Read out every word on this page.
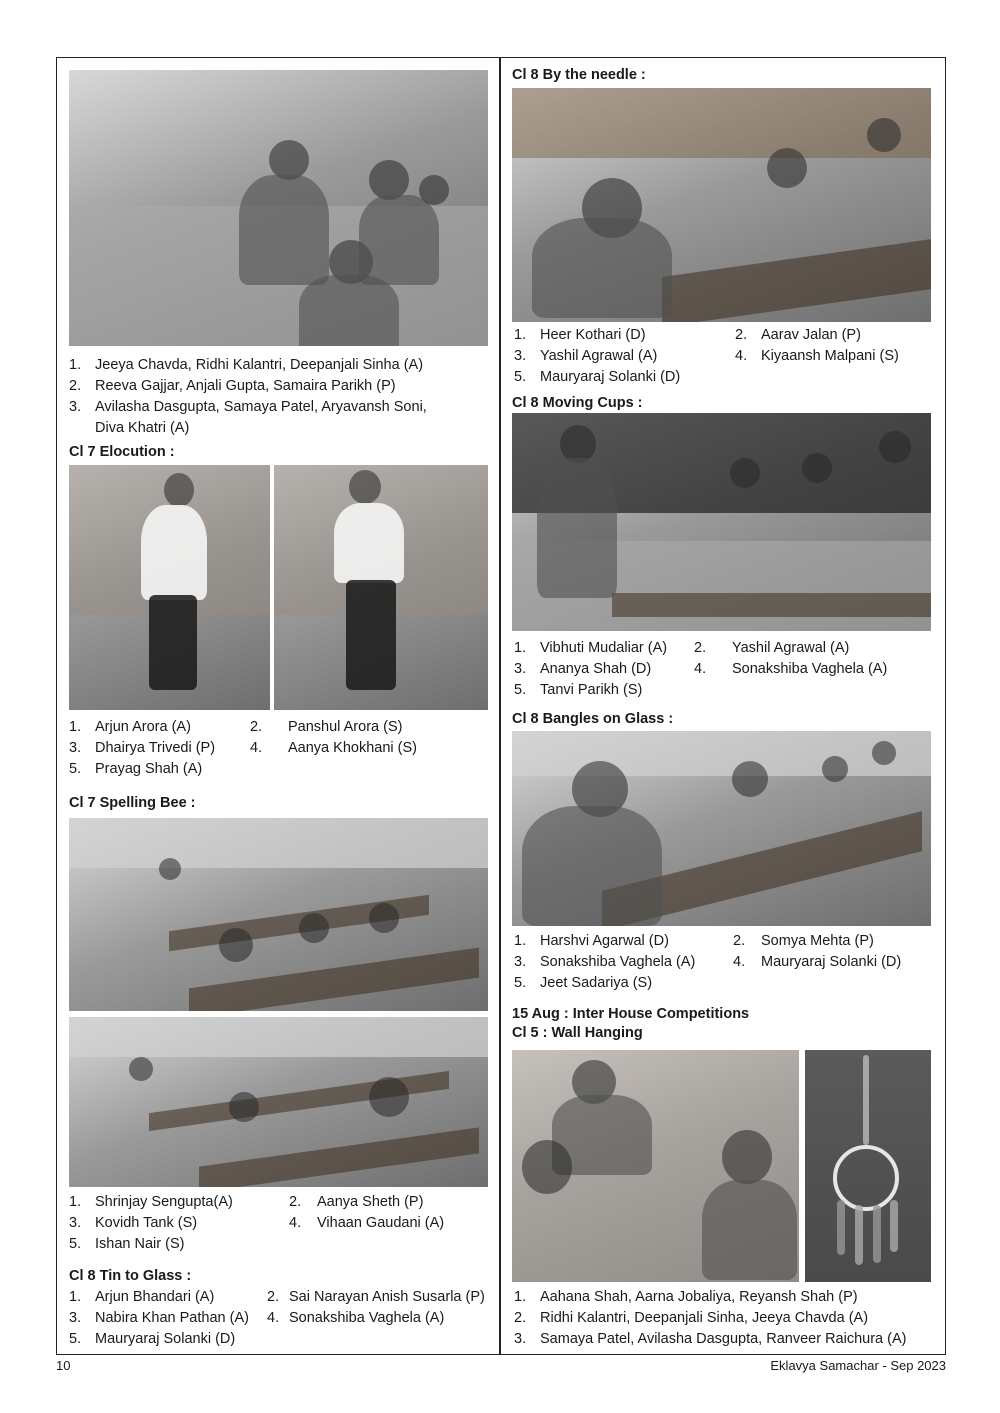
1. Jeeya Chavda, Ridhi Kalantri, Deepanjali Sinha (A)
2. Reeva Gajjar, Anjali Gupta, Samaira Parikh (P)
3. Avilasha Dasgupta, Samaya Patel, Aryavansh Soni,
Diva Khatri (A)
Cl 7 Elocution :
1. Arjun Arora (A)	2. Panshul Arora (S)
3. Dhairya Trivedi (P) 4. Aanya Khokhani (S)
5. Prayag Shah (A)
Cl 7 Spelling Bee :
1. Shrinjay Sengupta(A)	2. Aanya Sheth (P)
3. Kovidh Tank (S)	4. Vihaan Gaudani (A)
5. Ishan Nair (S)
Cl 8 Tin to Glass :
1. Arjun Bhandari (A)	2. Sai Narayan Anish Susarla (P)
3. Nabira Khan Pathan (A) 4. Sonakshiba Vaghela (A)
5. Mauryaraj Solanki (D)
Cl 8 By the needle :
1. Heer Kothari (D)	2. Aarav Jalan (P)
3. Yashil Agrawal (A)	4. Kiyaansh Malpani (S)
5. Mauryaraj Solanki (D)
Cl 8 Moving Cups :
1. Vibhuti Mudaliar (A) 2. Yashil Agrawal (A)
3. Ananya Shah (D)	4. Sonakshiba Vaghela (A)
5. Tanvi Parikh (S)
Cl 8 Bangles on Glass :
1. Harshvi Agarwal (D)	2. Somya Mehta (P)
3. Sonakshiba Vaghela (A)	4. Mauryaraj Solanki (D)
5. Jeet Sadariya (S)
15 Aug : Inter House Competitions
Cl 5 : Wall Hanging
1. Aahana Shah, Aarna Jobaliya, Reyansh Shah (P)
2. Ridhi Kalantri, Deepanjali Sinha, Jeeya Chavda (A)
3. Samaya Patel, Avilasha Dasgupta, Ranveer Raichura (A)
10	Eklavya Samachar - Sep 2023
